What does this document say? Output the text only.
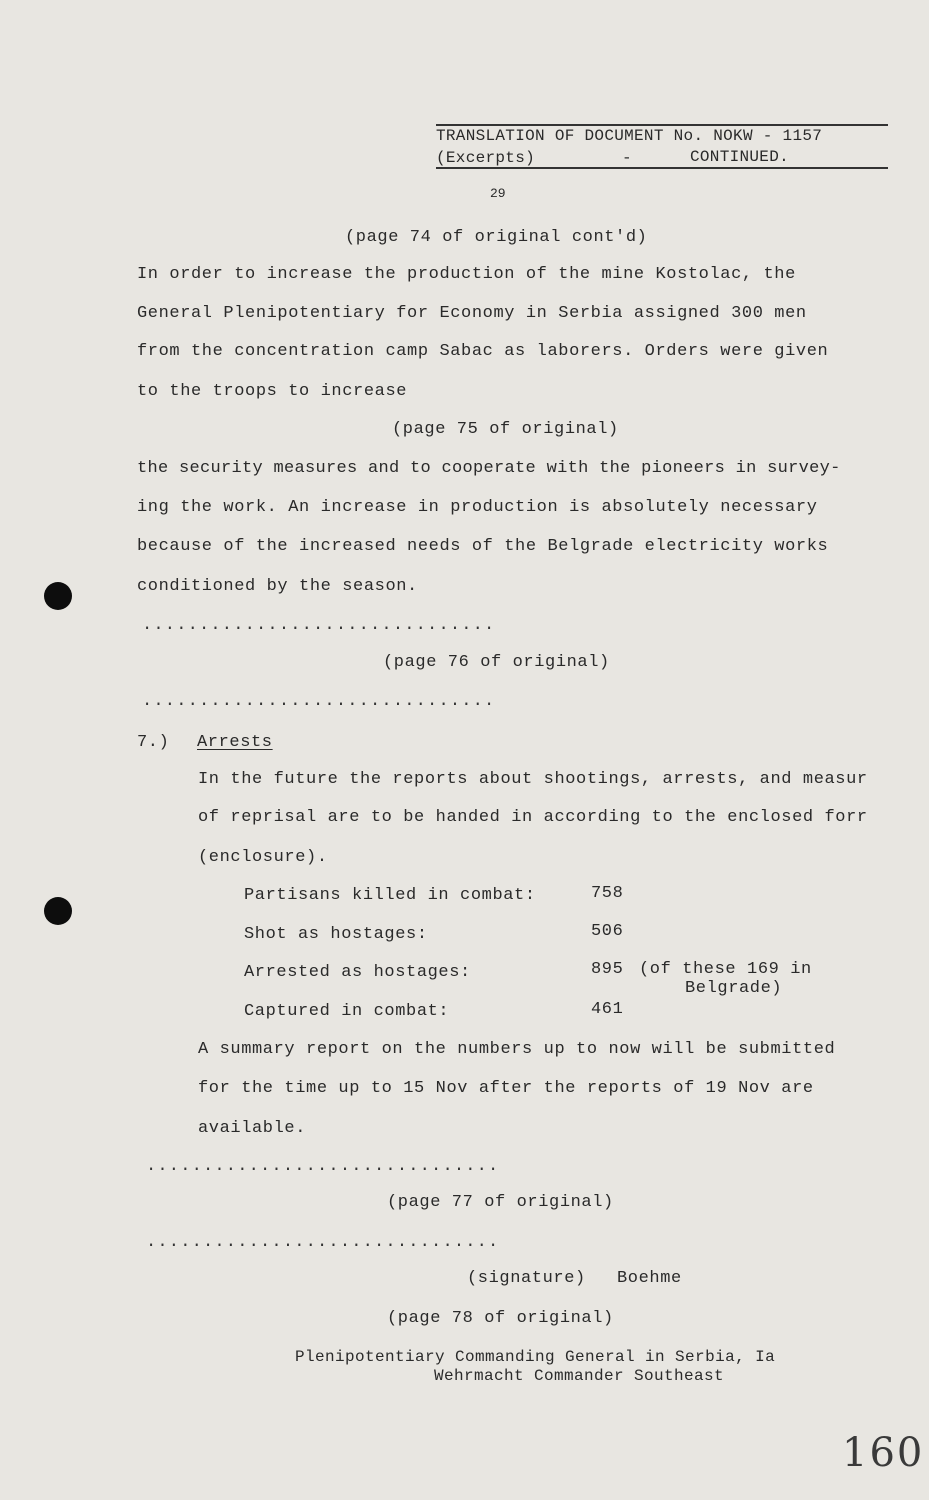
TRANSLATION OF DOCUMENT No. NOKW - 1157
(Excerpts)	-	CONTINUED.
29
(page 74 of original cont'd)
In order to increase the production of the mine Kostolac, the
General Plenipotentiary for Economy in Serbia assigned 300 men
from the concentration camp Sabac as laborers. Orders were given
to the troops to increase
(page 75 of original)
the security measures and to cooperate with the pioneers in survey-
ing the work. An increase in production is absolutely necessary
because of the increased needs of the Belgrade electricity works
conditioned by the season.
...............................
(page 76 of original)
...............................
7.) Arrests
In the future the reports about shootings, arrests, and measur
of reprisal are to be handed in according to the enclosed forr
(enclosure).
Partisans killed in combat:	758
Shot as hostages:	506
Arrested as hostages:	895 (of these 169 in
Belgrade)
Captured in combat:	461
A summary report on the numbers up to now will be submitted
for the time up to 15 Nov after the reports of 19 Nov are
available.
...............................
(page 77 of original)
...............................
(signature) Boehme
(page 78 of original)
Plenipotentiary Commanding General in Serbia, Ia
Wehrmacht Commander Southeast
160
